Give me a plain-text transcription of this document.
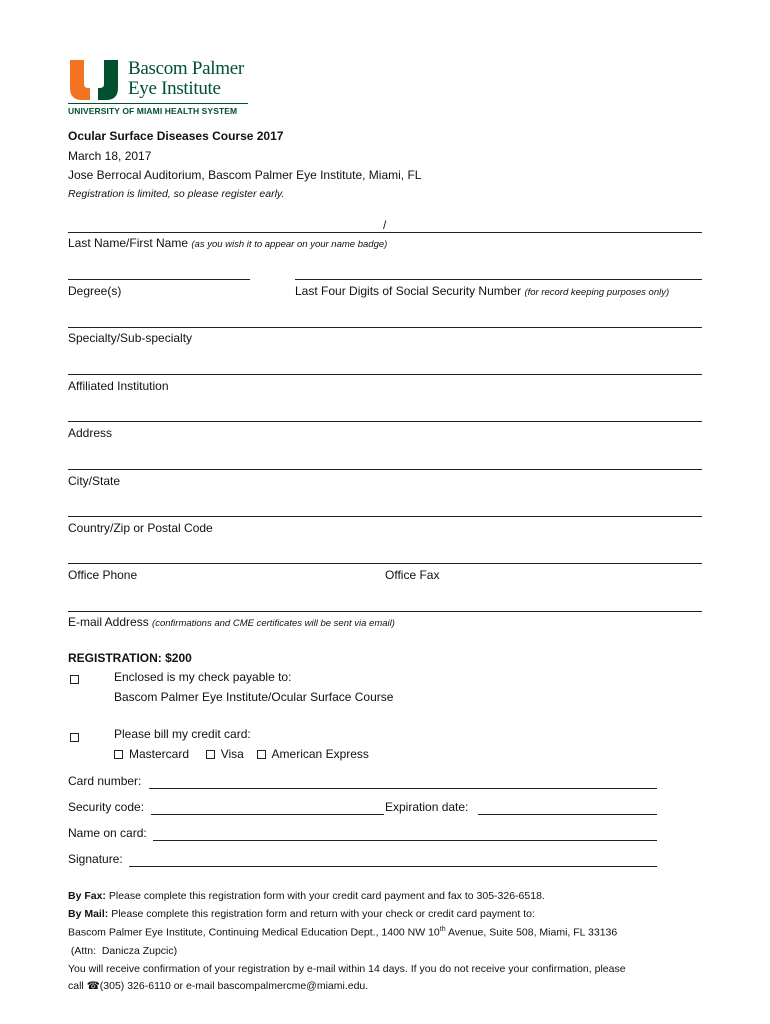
Bascom Palmer
Eye Institute
UNIVERSITY OF MIAMI HEALTH SYSTEM
Ocular Surface Diseases Course 2017
March 18, 2017
Jose Berrocal Auditorium, Bascom Palmer Eye Institute, Miami, FL
Registration is limited, so please register early.
/
Last Name/First Name (as you wish it to appear on your name badge)
Degree(s)	Last Four Digits of Social Security Number (for record keeping purposes only)
Specialty/Sub-specialty
Affiliated Institution
Address
City/State
Country/Zip or Postal Code
Office Phone	Office Fax
E-mail Address (confirmations and CME certificates will be sent via email)
REGISTRATION: $200
Enclosed is my check payable to:
Bascom Palmer Eye Institute/Ocular Surface Course
Please bill my credit card:
Mastercard	Visa American Express
Card number:
Security code:	Expiration date:
Name on card:
Signature:
By Fax: Please complete this registration form with your credit card payment and fax to 305-326-6518.
By Mail: Please complete this registration form and return with your check or credit card payment to:
Bascom Palmer Eye Institute, Continuing Medical Education Dept., 1400 NW 10th Avenue, Suite 508, Miami, FL 33136
(Attn:  Danicza Zupcic)
You will receive confirmation of your registration by e-mail within 14 days. If you do not receive your confirmation, please
call ☎(305) 326-6110 or e-mail bascompalmercme@miami.edu.
